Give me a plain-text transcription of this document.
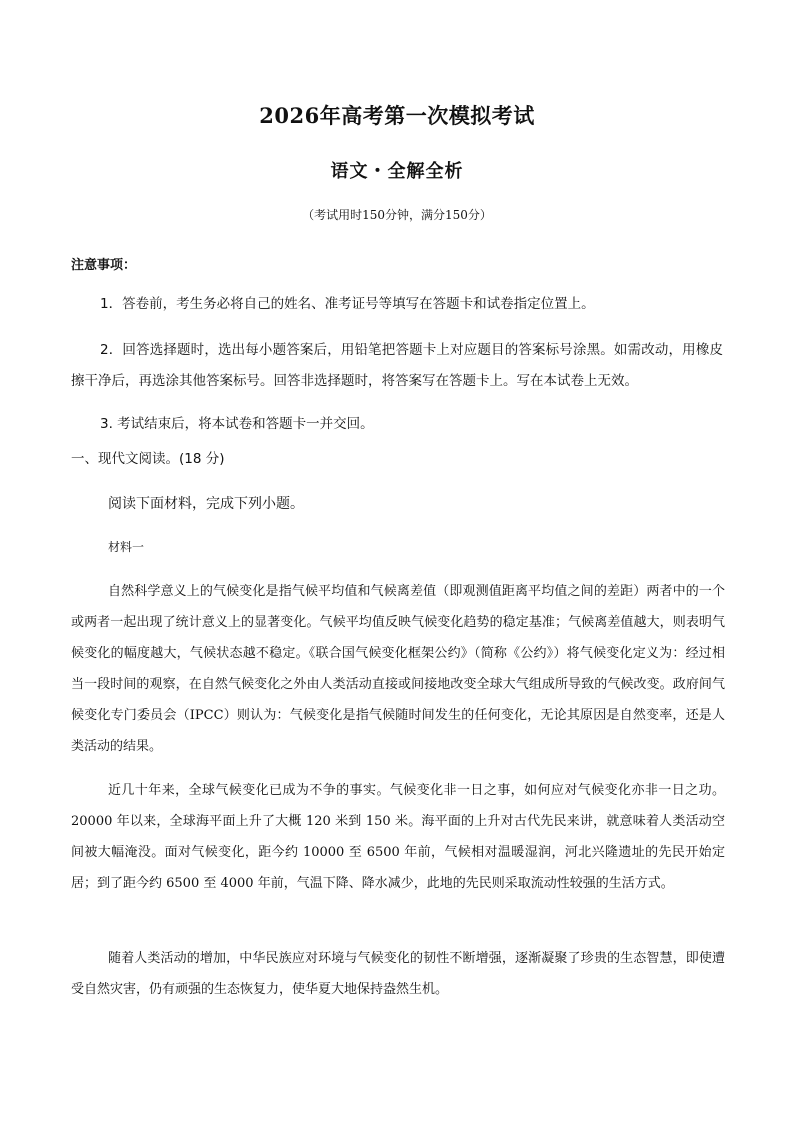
2026年高考第一次模拟考试
语文・全解全析
（考试用时150分钟，满分150分）
注意事项：
1．答卷前，考生务必将自己的姓名、准考证号等填写在答题卡和试卷指定位置上。
2．回答选择题时，选出每小题答案后，用铅笔把答题卡上对应题目的答案标号涂黑。如需改动，用橡皮擦干净后，再选涂其他答案标号。回答非选择题时，将答案写在答题卡上。写在本试卷上无效。
3. 考试结束后，将本试卷和答题卡一并交回。
一、现代文阅读。(18 分)
阅读下面材料，完成下列小题。
材料一
自然科学意义上的气候变化是指气候平均值和气候离差值（即观测值距离平均值之间的差距）两者中的一个或两者一起出现了统计意义上的显著变化。气候平均值反映气候变化趋势的稳定基准；气候离差值越大，则表明气候变化的幅度越大，气候状态越不稳定。《联合国气候变化框架公约》（简称《公约》）将气候变化定义为：经过相当一段时间的观察，在自然气候变化之外由人类活动直接或间接地改变全球大气组成所导致的气候改变。政府间气候变化专门委员会（IPCC）则认为：气候变化是指气候随时间发生的任何变化，无论其原因是自然变率，还是人类活动的结果。
近几十年来，全球气候变化已成为不争的事实。气候变化非一日之事，如何应对气候变化亦非一日之功。20000 年以来，全球海平面上升了大概 120 米到 150 米。海平面的上升对古代先民来讲，就意味着人类活动空间被大幅淹没。面对气候变化，距今约 10000 至 6500 年前，气候相对温暖湿润，河北兴隆遗址的先民开始定居；到了距今约 6500 至 4000 年前，气温下降、降水减少，此地的先民则采取流动性较强的生活方式。
随着人类活动的增加，中华民族应对环境与气候变化的韧性不断增强，逐渐凝聚了珍贵的生态智慧，即使遭受自然灾害，仍有顽强的生态恢复力，使华夏大地保持盎然生机。
